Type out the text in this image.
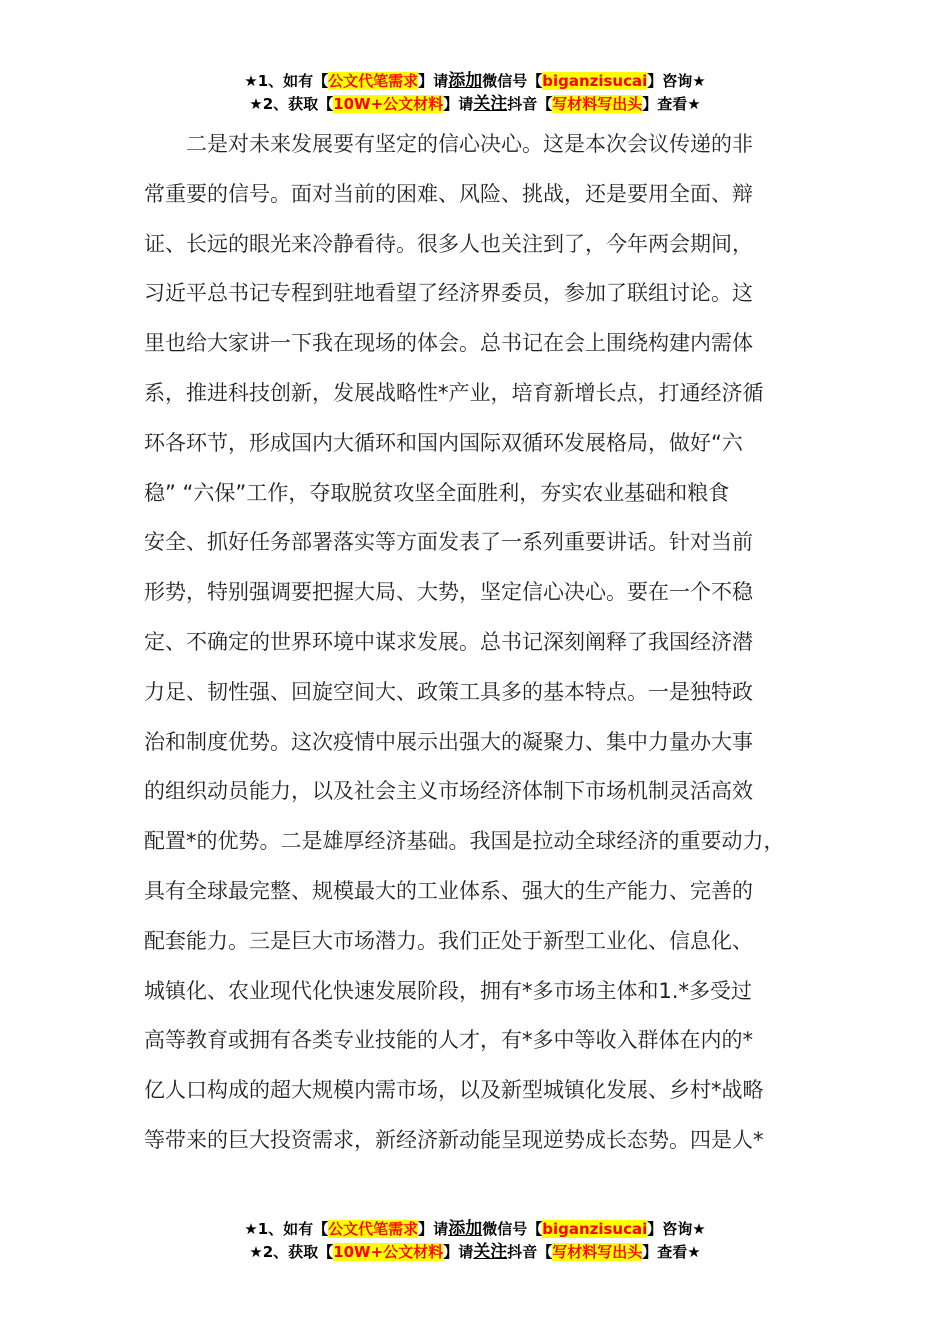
★1、如有【公文代笔需求】请添加微信号【biganzisucai】咨询★
★2、获取【10W+公文材料】请关注抖音【写材料写出头】查看★
　　二是对未来发展要有坚定的信心决心。这是本次会议传递的非
常重要的信号。面对当前的困难、风险、挑战，还是要用全面、辩
证、长远的眼光来冷静看待。很多人也关注到了，今年两会期间，
习近平总书记专程到驻地看望了经济界委员，参加了联组讨论。这
里也给大家讲一下我在现场的体会。总书记在会上围绕构建内需体
系，推进科技创新，发展战略性*产业，培育新增长点，打通经济循
环各环节，形成国内大循环和国内国际双循环发展格局，做好“六
稳” “六保”工作，夺取脱贫攻坚全面胜利，夯实农业基础和粮食
安全、抓好任务部署落实等方面发表了一系列重要讲话。针对当前
形势，特别强调要把握大局、大势，坚定信心决心。要在一个不稳
定、不确定的世界环境中谋求发展。总书记深刻阐释了我国经济潜
力足、韧性强、回旋空间大、政策工具多的基本特点。一是独特政
治和制度优势。这次疫情中展示出强大的凝聚力、集中力量办大事
的组织动员能力，以及社会主义市场经济体制下市场机制灵活高效
配置*的优势。二是雄厚经济基础。我国是拉动全球经济的重要动力，
具有全球最完整、规模最大的工业体系、强大的生产能力、完善的
配套能力。三是巨大市场潜力。我们正处于新型工业化、信息化、
城镇化、农业现代化快速发展阶段，拥有*多市场主体和1.*多受过
高等教育或拥有各类专业技能的人才，有*多中等收入群体在内的*
亿人口构成的超大规模内需市场，以及新型城镇化发展、乡村*战略
等带来的巨大投资需求，新经济新动能呈现逆势成长态势。四是人*
★1、如有【公文代笔需求】请添加微信号【biganzisucai】咨询★
★2、获取【10W+公文材料】请关注抖音【写材料写出头】查看★
